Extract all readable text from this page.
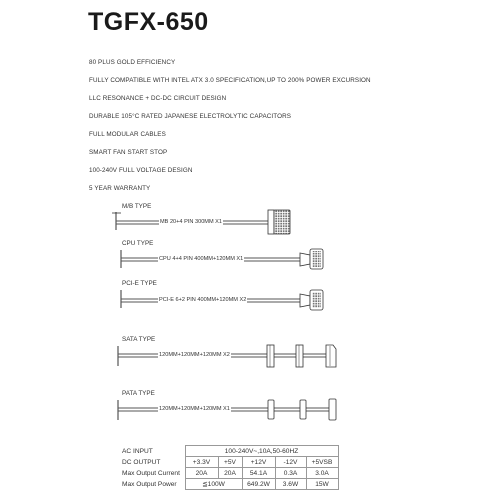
TGFX-650
80 PLUS GOLD EFFICIENCY
FULLY COMPATIBLE WITH INTEL ATX 3.0 SPECIFICATION,UP TO 200% POWER EXCURSION
LLC RESONANCE + DC-DC CIRCUIT DESIGN
DURABLE 105°C RATED JAPANESE ELECTROLYTIC CAPACITORS
FULL MODULAR CABLES
SMART FAN START STOP
100-240V FULL VOLTAGE DESIGN
5 YEAR WARRANTY
M/B TYPE
MB 20+4 PIN 300MM X1
CPU TYPE
CPU 4+4 PIN 400MM+120MM X1
PCI-E TYPE
PCI-E 6+2 PIN 400MM+120MM X2
SATA TYPE
120MM+120MM+120MM X2
PATA TYPE
120MM+120MM+120MM X1
AC INPUT	100-240V~,10A,50-60HZ				
DC OUTPUT	+3.3V	+5V	+12V	-12V	+5VSB
Max Output Current	20A	20A	54.1A	0.3A	3.0A
Max Output Power	≦100W		649.2W	3.6W	15W
